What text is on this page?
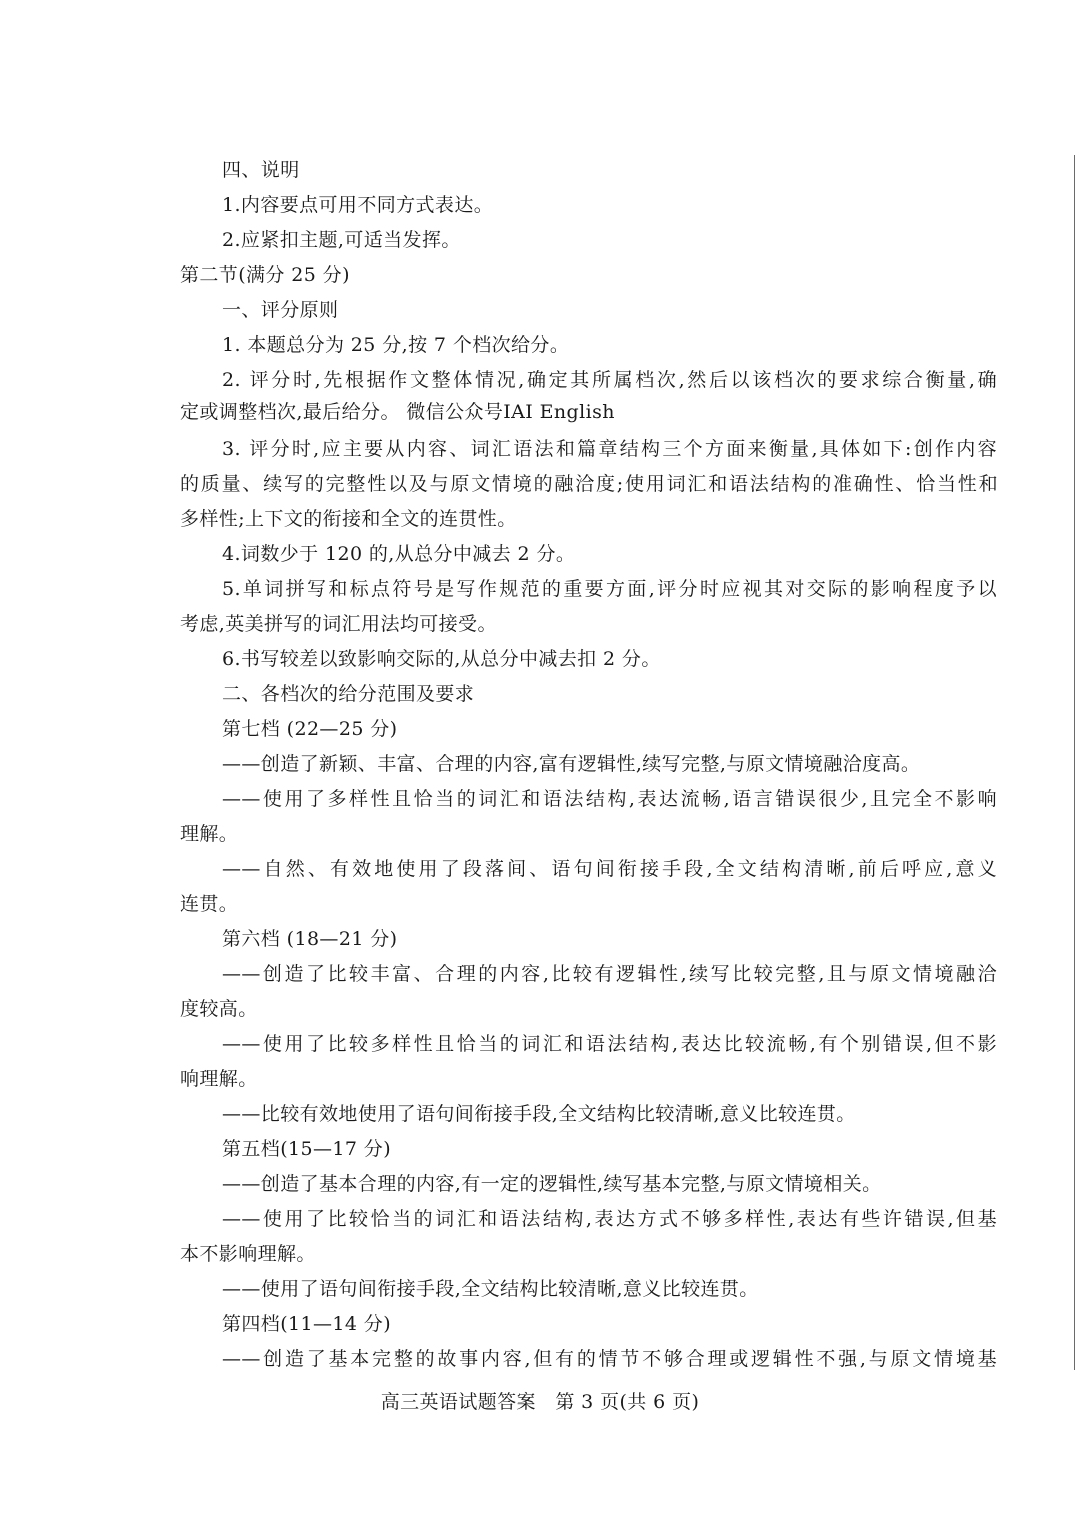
四、说明
1.内容要点可用不同方式表达。
2.应紧扣主题,可适当发挥。
第二节(满分 25 分)
一、评分原则
1. 本题总分为 25 分,按 7 个档次给分。
2. 评分时,先根据作文整体情况,确定其所属档次,然后以该档次的要求综合衡量,确
定或调整档次,最后给分。 微信公众号IAI English
3. 评分时,应主要从内容、词汇语法和篇章结构三个方面来衡量,具体如下:创作内容
的质量、续写的完整性以及与原文情境的融洽度;使用词汇和语法结构的准确性、恰当性和
多样性;上下文的衔接和全文的连贯性。
4.词数少于 120 的,从总分中减去 2 分。
5.单词拼写和标点符号是写作规范的重要方面,评分时应视其对交际的影响程度予以
考虑,英美拼写的词汇用法均可接受。
6.书写较差以致影响交际的,从总分中减去扣 2 分。
二、各档次的给分范围及要求
第七档 (22—25 分)
——创造了新颖、丰富、合理的内容,富有逻辑性,续写完整,与原文情境融洽度高。
——使用了多样性且恰当的词汇和语法结构,表达流畅,语言错误很少,且完全不影响
理解。
——自然、有效地使用了段落间、语句间衔接手段,全文结构清晰,前后呼应,意义
连贯。
第六档 (18—21 分)
——创造了比较丰富、合理的内容,比较有逻辑性,续写比较完整,且与原文情境融洽
度较高。
——使用了比较多样性且恰当的词汇和语法结构,表达比较流畅,有个别错误,但不影
响理解。
——比较有效地使用了语句间衔接手段,全文结构比较清晰,意义比较连贯。
第五档(15—17 分)
——创造了基本合理的内容,有一定的逻辑性,续写基本完整,与原文情境相关。
——使用了比较恰当的词汇和语法结构,表达方式不够多样性,表达有些许错误,但基
本不影响理解。
——使用了语句间衔接手段,全文结构比较清晰,意义比较连贯。
第四档(11—14 分)
——创造了基本完整的故事内容,但有的情节不够合理或逻辑性不强,与原文情境基
高三英语试题答案　第 3 页(共 6 页)
